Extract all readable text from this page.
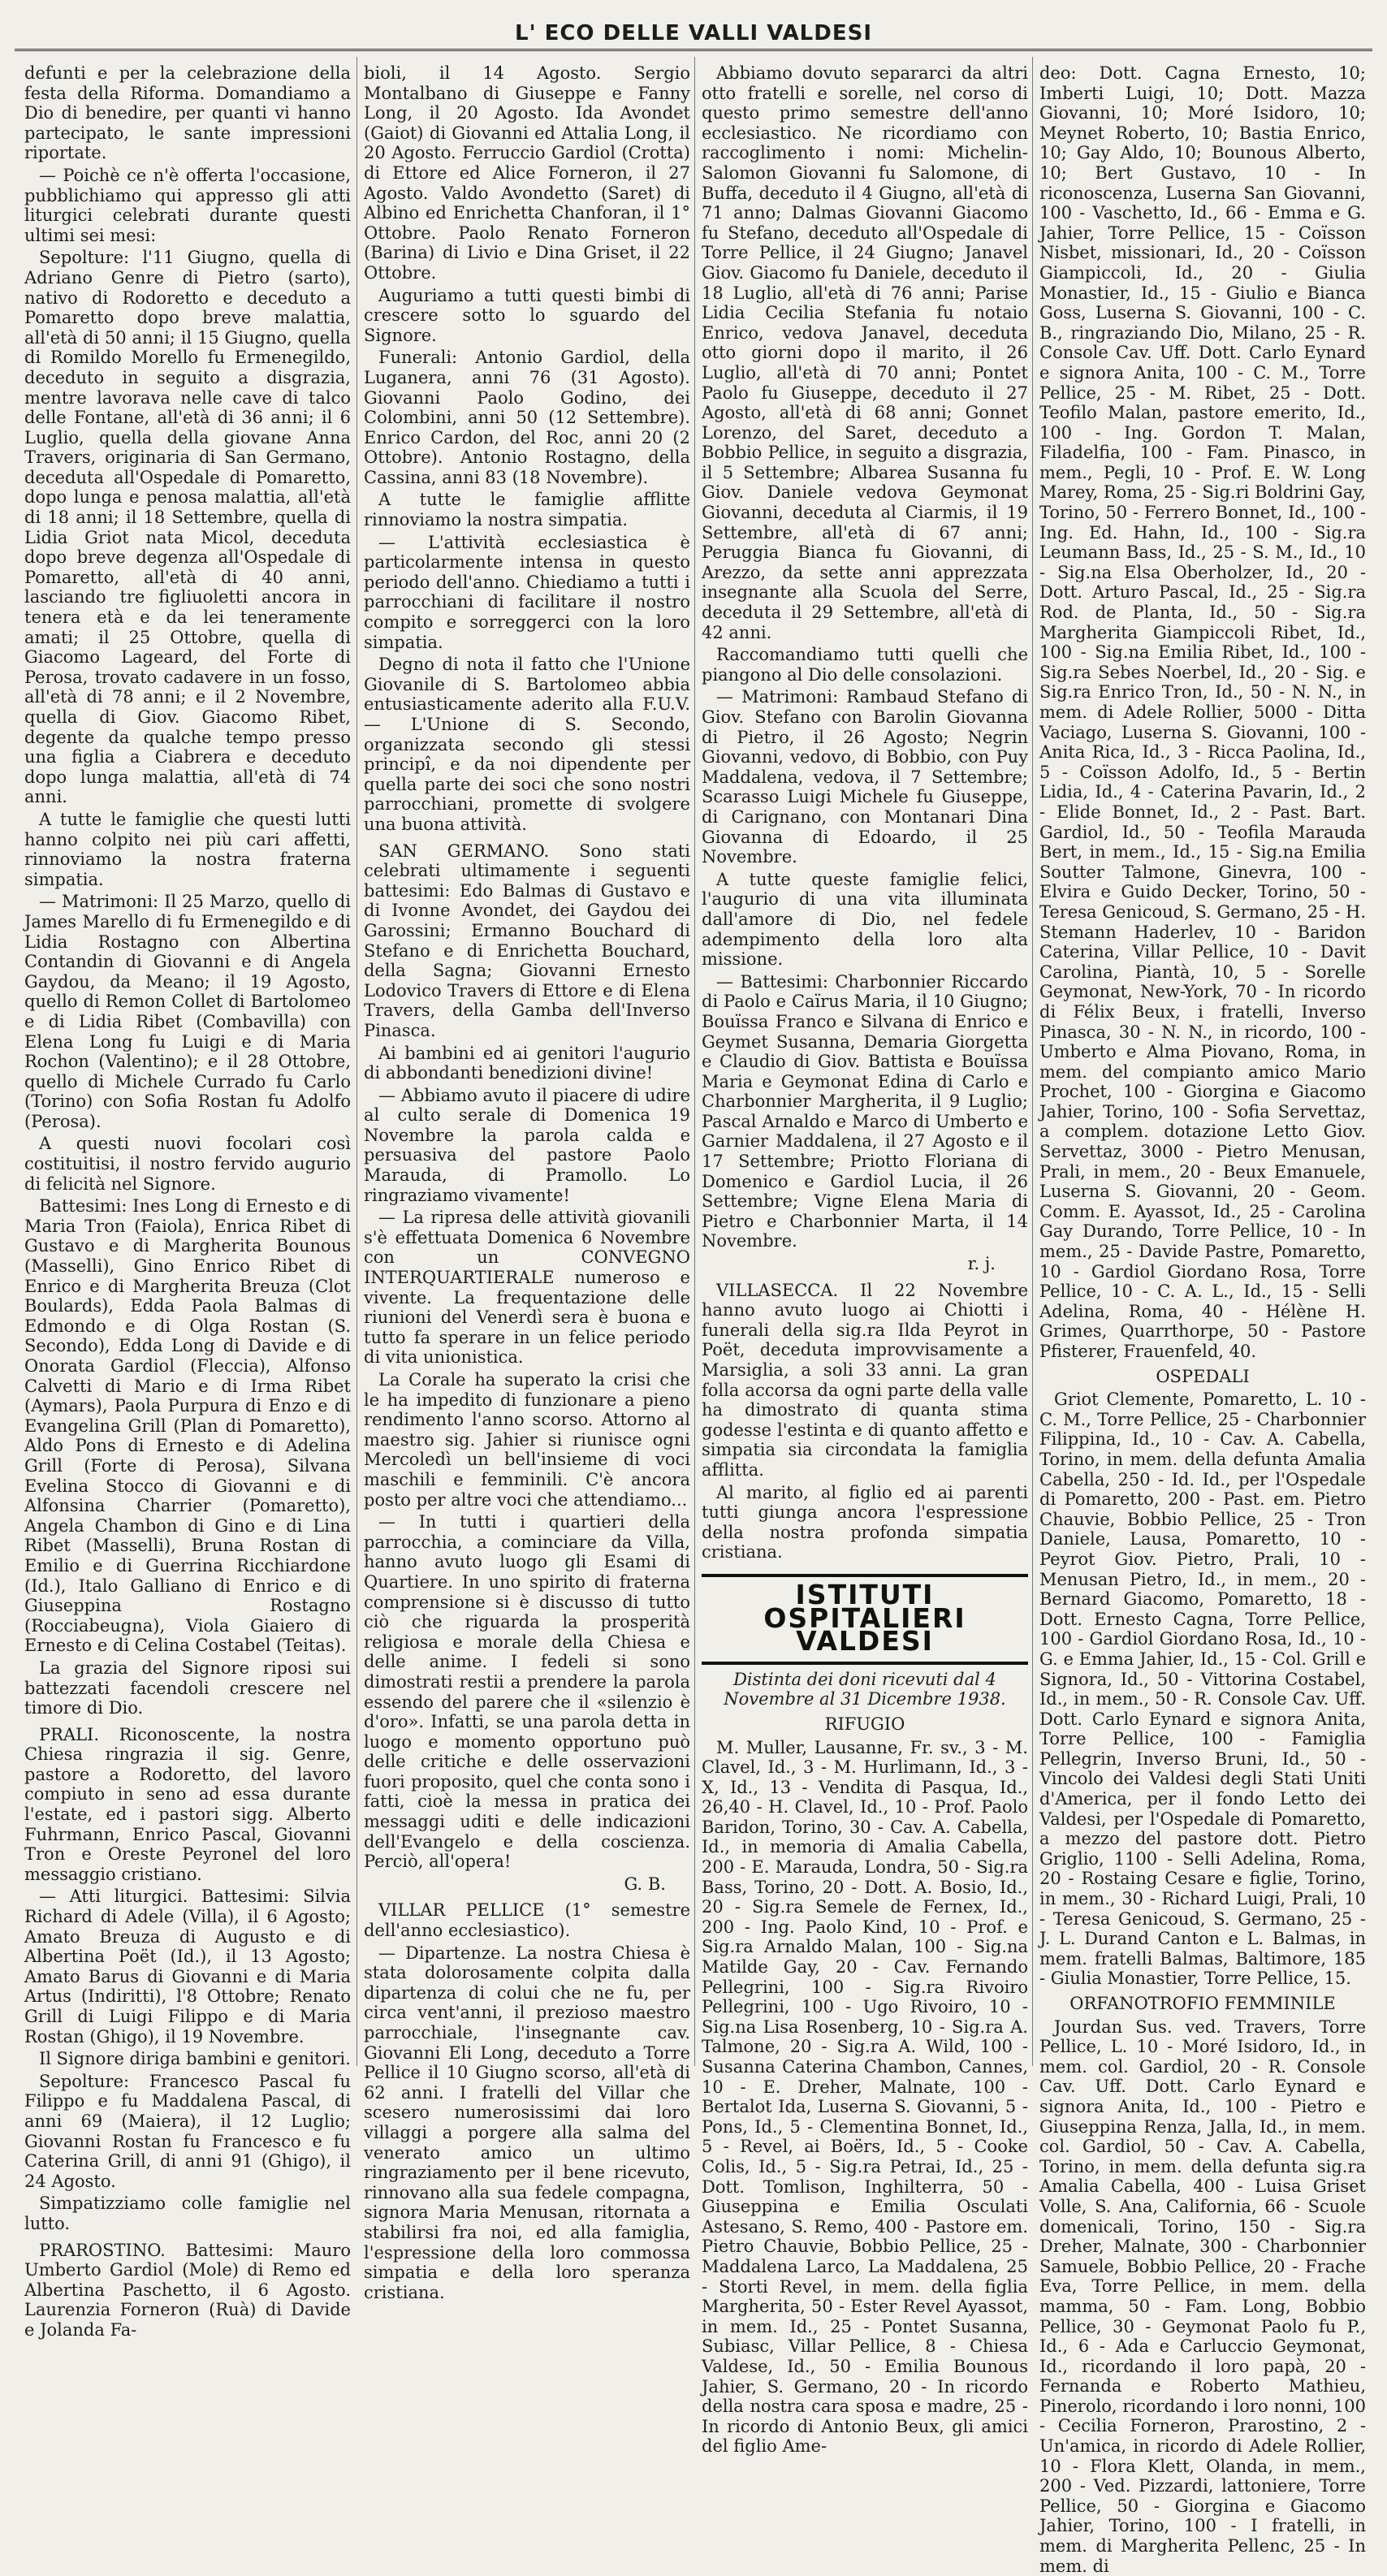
L' ECO DELLE VALLI VALDESI

defunti e per la celebrazione della festa della Riforma. Domandiamo a Dio di benedire, per quanti vi hanno partecipato, le sante impressioni riportate.

— Poichè ce n'è offerta l'occasione, pubblichiamo qui appresso gli atti liturgici celebrati durante questi ultimi sei mesi:

Sepolture: l'11 Giugno, quella di Adriano Genre di Pietro (sarto), nativo di Rodoretto e deceduto a Pomaretto dopo breve malattia, all'età di 50 anni; il 15 Giugno, quella di Romildo Morello fu Ermenegildo, deceduto in seguito a disgrazia, mentre lavorava nelle cave di talco delle Fontane, all'età di 36 anni; il 6 Luglio, quella della giovane Anna Travers, originaria di San Germano, deceduta all'Ospedale di Pomaretto, dopo lunga e penosa malattia, all'età di 18 anni; il 18 Settembre, quella di Lidia Griot nata Micol, deceduta dopo breve degenza all'Ospedale di Pomaretto, all'età di 40 anni, lasciando tre figliuoletti ancora in tenera età e da lei teneramente amati; il 25 Ottobre, quella di Giacomo Lageard, del Forte di Perosa, trovato cadavere in un fosso, all'età di 78 anni; e il 2 Novembre, quella di Giov. Giacomo Ribet, degente da qualche tempo presso una figlia a Ciabrera e deceduto dopo lunga malattia, all'età di 74 anni.

A tutte le famiglie che questi lutti hanno colpito nei più cari affetti, rinnoviamo la nostra fraterna simpatia.

— Matrimoni: Il 25 Marzo, quello di James Marello di fu Ermenegildo e di Lidia Rostagno con Albertina Contandin di Giovanni e di Angela Gaydou, da Meano; il 19 Agosto, quello di Remon Collet di Bartolomeo e di Lidia Ribet (Combavilla) con Elena Long fu Luigi e di Maria Rochon (Valentino); e il 28 Ottobre, quello di Michele Currado fu Carlo (Torino) con Sofia Rostan fu Adolfo (Perosa).

A questi nuovi focolari così costituitisi, il nostro fervido augurio di felicità nel Signore.

Battesimi: Ines Long di Ernesto e di Maria Tron (Faiola), Enrica Ribet di Gustavo e di Margherita Bounous (Masselli), Gino Enrico Ribet di Enrico e di Margherita Breuza (Clot Boulards), Edda Paola Balmas di Edmondo e di Olga Rostan (S. Secondo), Edda Long di Davide e di Onorata Gardiol (Fleccia), Alfonso Calvetti di Mario e di Irma Ribet (Aymars), Paola Purpura di Enzo e di Evangelina Grill (Plan di Pomaretto), Aldo Pons di Ernesto e di Adelina Grill (Forte di Perosa), Silvana Evelina Stocco di Giovanni e di Alfonsina Charrier (Pomaretto), Angela Chambon di Gino e di Lina Ribet (Masselli), Bruna Rostan di Emilio e di Guerrina Ricchiardone (Id.), Italo Galliano di Enrico e di Giuseppina Rostagno (Rocciabeugna), Viola Giaiero di Ernesto e di Celina Costabel (Teitas).

La grazia del Signore riposi sui battezzati facendoli crescere nel timore di Dio.

PRALI. Riconoscente, la nostra Chiesa ringrazia il sig. Genre, pastore a Rodoretto, del lavoro compiuto in seno ad essa durante l'estate, ed i pastori sigg. Alberto Fuhrmann, Enrico Pascal, Giovanni Tron e Oreste Peyronel del loro messaggio cristiano.

— Atti liturgici. Battesimi: Silvia Richard di Adele (Villa), il 6 Agosto; Amato Breuza di Augusto e di Albertina Poët (Id.), il 13 Agosto; Amato Barus di Giovanni e di Maria Artus (Indiritti), l'8 Ottobre; Renato Grill di Luigi Filippo e di Maria Rostan (Ghigo), il 19 Novembre.

Il Signore diriga bambini e genitori.

Sepolture: Francesco Pascal fu Filippo e fu Maddalena Pascal, di anni 69 (Maiera), il 12 Luglio; Giovanni Rostan fu Francesco e fu Caterina Grill, di anni 91 (Ghigo), il 24 Agosto.

Simpatizziamo colle famiglie nel lutto.

PRAROSTINO. Battesimi: Mauro Umberto Gardiol (Mole) di Remo ed Albertina Paschetto, il 6 Agosto. Laurenzia Forneron (Ruà) di Davide e Jolanda Fa-

bioli, il 14 Agosto. Sergio Montalbano di Giuseppe e Fanny Long, il 20 Agosto. Ida Avondet (Gaiot) di Giovanni ed Attalia Long, il 20 Agosto. Ferruccio Gardiol (Crotta) di Ettore ed Alice Forneron, il 27 Agosto. Valdo Avondetto (Saret) di Albino ed Enrichetta Chanforan, il 1° Ottobre. Paolo Renato Forneron (Barina) di Livio e Dina Griset, il 22 Ottobre.

Auguriamo a tutti questi bimbi di crescere sotto lo sguardo del Signore.

Funerali: Antonio Gardiol, della Luganera, anni 76 (31 Agosto). Giovanni Paolo Godino, dei Colombini, anni 50 (12 Settembre). Enrico Cardon, del Roc, anni 20 (2 Ottobre). Antonio Rostagno, della Cassina, anni 83 (18 Novembre).

A tutte le famiglie afflitte rinnoviamo la nostra simpatia.

— L'attività ecclesiastica è particolarmente intensa in questo periodo dell'anno. Chiediamo a tutti i parrocchiani di facilitare il nostro compito e sorreggerci con la loro simpatia.

Degno di nota il fatto che l'Unione Giovanile di S. Bartolomeo abbia entusiasticamente aderito alla F.U.V. — L'Unione di S. Secondo, organizzata secondo gli stessi principî, e da noi dipendente per quella parte dei soci che sono nostri parrocchiani, promette di svolgere una buona attività.

SAN GERMANO. Sono stati celebrati ultimamente i seguenti battesimi: Edo Balmas di Gustavo e di Ivonne Avondet, dei Gaydou dei Garossini; Ermanno Bouchard di Stefano e di Enrichetta Bouchard, della Sagna; Giovanni Ernesto Lodovico Travers di Ettore e di Elena Travers, della Gamba dell'Inverso Pinasca.

Ai bambini ed ai genitori l'augurio di abbondanti benedizioni divine!

— Abbiamo avuto il piacere di udire al culto serale di Domenica 19 Novembre la parola calda e persuasiva del pastore Paolo Marauda, di Pramollo. Lo ringraziamo vivamente!

— La ripresa delle attività giovanili s'è effettuata Domenica 6 Novembre con un CONVEGNO INTERQUARTIERALE numeroso e vivente. La frequentazione delle riunioni del Venerdì sera è buona e tutto fa sperare in un felice periodo di vita unionistica.

La Corale ha superato la crisi che le ha impedito di funzionare a pieno rendimento l'anno scorso. Attorno al maestro sig. Jahier si riunisce ogni Mercoledì un bell'insieme di voci maschili e femminili. C'è ancora posto per altre voci che attendiamo...

— In tutti i quartieri della parrocchia, a cominciare da Villa, hanno avuto luogo gli Esami di Quartiere. In uno spirito di fraterna comprensione si è discusso di tutto ciò che riguarda la prosperità religiosa e morale della Chiesa e delle anime. I fedeli si sono dimostrati restii a prendere la parola essendo del parere che il «silenzio è d'oro». Infatti, se una parola detta in luogo e momento opportuno può delle critiche e delle osservazioni fuori proposito, quel che conta sono i fatti, cioè la messa in pratica dei messaggi uditi e delle indicazioni dell'Evangelo e della coscienza. Perciò, all'opera!

G. B.

VILLAR PELLICE (1° semestre dell'anno ecclesiastico).

— Dipartenze. La nostra Chiesa è stata dolorosamente colpita dalla dipartenza di colui che ne fu, per circa vent'anni, il prezioso maestro parrocchiale, l'insegnante cav. Giovanni Eli Long, deceduto a Torre Pellice il 10 Giugno scorso, all'età di 62 anni. I fratelli del Villar che scesero numerosissimi dai loro villaggi a porgere alla salma del venerato amico un ultimo ringraziamento per il bene ricevuto, rinnovano alla sua fedele compagna, signora Maria Menusan, ritornata a stabilirsi fra noi, ed alla famiglia, l'espressione della loro commossa simpatia e della loro speranza cristiana.

Abbiamo dovuto separarci da altri otto fratelli e sorelle, nel corso di questo primo semestre dell'anno ecclesiastico. Ne ricordiamo con raccoglimento i nomi: Michelin-Salomon Giovanni fu Salomone, di Buffa, deceduto il 4 Giugno, all'età di 71 anno; Dalmas Giovanni Giacomo fu Stefano, deceduto all'Ospedale di Torre Pellice, il 24 Giugno; Janavel Giov. Giacomo fu Daniele, deceduto il 18 Luglio, all'età di 76 anni; Parise Lidia Cecilia Stefania fu notaio Enrico, vedova Janavel, deceduta otto giorni dopo il marito, il 26 Luglio, all'età di 70 anni; Pontet Paolo fu Giuseppe, deceduto il 27 Agosto, all'età di 68 anni; Gonnet Lorenzo, del Saret, deceduto a Bobbio Pellice, in seguito a disgrazia, il 5 Settembre; Albarea Susanna fu Giov. Daniele vedova Geymonat Giovanni, deceduta al Ciarmis, il 19 Settembre, all'età di 67 anni; Peruggia Bianca fu Giovanni, di Arezzo, da sette anni apprezzata insegnante alla Scuola del Serre, deceduta il 29 Settembre, all'età di 42 anni.

Raccomandiamo tutti quelli che piangono al Dio delle consolazioni.

— Matrimoni: Rambaud Stefano di Giov. Stefano con Barolin Giovanna di Pietro, il 26 Agosto; Negrin Giovanni, vedovo, di Bobbio, con Puy Maddalena, vedova, il 7 Settembre; Scarasso Luigi Michele fu Giuseppe, di Carignano, con Montanari Dina Giovanna di Edoardo, il 25 Novembre.

A tutte queste famiglie felici, l'augurio di una vita illuminata dall'amore di Dio, nel fedele adempimento della loro alta missione.

— Battesimi: Charbonnier Riccardo di Paolo e Caïrus Maria, il 10 Giugno; Bouïssa Franco e Silvana di Enrico e Geymet Susanna, Demaria Giorgetta e Claudio di Giov. Battista e Bouïssa Maria e Geymonat Edina di Carlo e Charbonnier Margherita, il 9 Luglio; Pascal Arnaldo e Marco di Umberto e Garnier Maddalena, il 27 Agosto e il 17 Settembre; Priotto Floriana di Domenico e Gardiol Lucia, il 26 Settembre; Vigne Elena Maria di Pietro e Charbonnier Marta, il 14 Novembre.

r. j.

VILLASECCA. Il 22 Novembre hanno avuto luogo ai Chiotti i funerali della sig.ra Ilda Peyrot in Poët, deceduta improvvisamente a Marsiglia, a soli 33 anni. La gran folla accorsa da ogni parte della valle ha dimostrato di quanta stima godesse l'estinta e di quanto affetto e simpatia sia circondata la famiglia afflitta.

Al marito, al figlio ed ai parenti tutti giunga ancora l'espressione della nostra profonda simpatia cristiana.

ISTITUTI OSPITALIERI VALDESI

Distinta dei doni ricevuti dal 4 Novembre al 31 Dicembre 1938.

RIFUGIO

M. Muller, Lausanne, Fr. sv., 3 - M. Clavel, Id., 3 - M. Hurlimann, Id., 3 - X, Id., 13 - Vendita di Pasqua, Id., 26,40 - H. Clavel, Id., 10 - Prof. Paolo Baridon, Torino, 30 - Cav. A. Cabella, Id., in memoria di Amalia Cabella, 200 - E. Marauda, Londra, 50 - Sig.ra Bass, Torino, 20 - Dott. A. Bosio, Id., 20 - Sig.ra Semele de Fernex, Id., 200 - Ing. Paolo Kind, 10 - Prof. e Sig.ra Arnaldo Malan, 100 - Sig.na Matilde Gay, 20 - Cav. Fernando Pellegrini, 100 - Sig.ra Rivoiro Pellegrini, 100 - Ugo Rivoiro, 10 - Sig.na Lisa Rosenberg, 10 - Sig.ra A. Talmone, 20 - Sig.ra A. Wild, 100 - Susanna Caterina Chambon, Cannes, 10 - E. Dreher, Malnate, 100 - Bertalot Ida, Luserna S. Giovanni, 5 - Pons, Id., 5 - Clementina Bonnet, Id., 5 - Revel, ai Boërs, Id., 5 - Cooke Colis, Id., 5 - Sig.ra Petrai, Id., 25 - Dott. Tomlison, Inghilterra, 50 - Giuseppina e Emilia Osculati Astesano, S. Remo, 400 - Pastore em. Pietro Chauvie, Bobbio Pellice, 25 - Maddalena Larco, La Maddalena, 25 - Storti Revel, in mem. della figlia Margherita, 50 - Ester Revel Ayassot, in mem. Id., 25 - Pontet Susanna, Subiasc, Villar Pellice, 8 - Chiesa Valdese, Id., 50 - Emilia Bounous Jahier, S. Germano, 20 - In ricordo della nostra cara sposa e madre, 25 - In ricordo di Antonio Beux, gli amici del figlio Ame-

deo: Dott. Cagna Ernesto, 10; Imberti Luigi, 10; Dott. Mazza Giovanni, 10; Moré Isidoro, 10; Meynet Roberto, 10; Bastia Enrico, 10; Gay Aldo, 10; Bounous Alberto, 10; Bert Gustavo, 10 - In riconoscenza, Luserna San Giovanni, 100 - Vaschetto, Id., 66 - Emma e G. Jahier, Torre Pellice, 15 - Coïsson Nisbet, missionari, Id., 20 - Coïsson Giampiccoli, Id., 20 - Giulia Monastier, Id., 15 - Giulio e Bianca Goss, Luserna S. Giovanni, 100 - C. B., ringraziando Dio, Milano, 25 - R. Console Cav. Uff. Dott. Carlo Eynard e signora Anita, 100 - C. M., Torre Pellice, 25 - M. Ribet, 25 - Dott. Teofilo Malan, pastore emerito, Id., 100 - Ing. Gordon T. Malan, Filadelfia, 100 - Fam. Pinasco, in mem., Pegli, 10 - Prof. E. W. Long Marey, Roma, 25 - Sig.ri Boldrini Gay, Torino, 50 - Ferrero Bonnet, Id., 100 - Ing. Ed. Hahn, Id., 100 - Sig.ra Leumann Bass, Id., 25 - S. M., Id., 10 - Sig.na Elsa Oberholzer, Id., 20 - Dott. Arturo Pascal, Id., 25 - Sig.ra Rod. de Planta, Id., 50 - Sig.ra Margherita Giampiccoli Ribet, Id., 100 - Sig.na Emilia Ribet, Id., 100 - Sig.ra Sebes Noerbel, Id., 20 - Sig. e Sig.ra Enrico Tron, Id., 50 - N. N., in mem. di Adele Rollier, 5000 - Ditta Vaciago, Luserna S. Giovanni, 100 - Anita Rica, Id., 3 - Ricca Paolina, Id., 5 - Coïsson Adolfo, Id., 5 - Bertin Lidia, Id., 4 - Caterina Pavarin, Id., 2 - Elide Bonnet, Id., 2 - Past. Bart. Gardiol, Id., 50 - Teofila Marauda Bert, in mem., Id., 15 - Sig.na Emilia Soutter Talmone, Ginevra, 100 - Elvira e Guido Decker, Torino, 50 - Teresa Genicoud, S. Germano, 25 - H. Stemann Haderlev, 10 - Baridon Caterina, Villar Pellice, 10 - Davit Carolina, Piantà, 10, 5 - Sorelle Geymonat, New-York, 70 - In ricordo di Félix Beux, i fratelli, Inverso Pinasca, 30 - N. N., in ricordo, 100 - Umberto e Alma Piovano, Roma, in mem. del compianto amico Mario Prochet, 100 - Giorgina e Giacomo Jahier, Torino, 100 - Sofia Servettaz, a complem. dotazione Letto Giov. Servettaz, 3000 - Pietro Menusan, Prali, in mem., 20 - Beux Emanuele, Luserna S. Giovanni, 20 - Geom. Comm. E. Ayassot, Id., 25 - Carolina Gay Durando, Torre Pellice, 10 - In mem., 25 - Davide Pastre, Pomaretto, 10 - Gardiol Giordano Rosa, Torre Pellice, 10 - C. A. L., Id., 15 - Selli Adelina, Roma, 40 - Hélène H. Grimes, Quarrthorpe, 50 - Pastore Pfisterer, Frauenfeld, 40.

OSPEDALI

Griot Clemente, Pomaretto, L. 10 - C. M., Torre Pellice, 25 - Charbonnier Filippina, Id., 10 - Cav. A. Cabella, Torino, in mem. della defunta Amalia Cabella, 250 - Id. Id., per l'Ospedale di Pomaretto, 200 - Past. em. Pietro Chauvie, Bobbio Pellice, 25 - Tron Daniele, Lausa, Pomaretto, 10 - Peyrot Giov. Pietro, Prali, 10 - Menusan Pietro, Id., in mem., 20 - Bernard Giacomo, Pomaretto, 18 - Dott. Ernesto Cagna, Torre Pellice, 100 - Gardiol Giordano Rosa, Id., 10 - G. e Emma Jahier, Id., 15 - Col. Grill e Signora, Id., 50 - Vittorina Costabel, Id., in mem., 50 - R. Console Cav. Uff. Dott. Carlo Eynard e signora Anita, Torre Pellice, 100 - Famiglia Pellegrin, Inverso Bruni, Id., 50 - Vincolo dei Valdesi degli Stati Uniti d'America, per il fondo Letto dei Valdesi, per l'Ospedale di Pomaretto, a mezzo del pastore dott. Pietro Griglio, 1100 - Selli Adelina, Roma, 20 - Rostaing Cesare e figlie, Torino, in mem., 30 - Richard Luigi, Prali, 10 - Teresa Genicoud, S. Germano, 25 - J. L. Durand Canton e L. Balmas, in mem. fratelli Balmas, Baltimore, 185 - Giulia Monastier, Torre Pellice, 15.

ORFANOTROFIO FEMMINILE

Jourdan Sus. ved. Travers, Torre Pellice, L. 10 - Moré Isidoro, Id., in mem. col. Gardiol, 20 - R. Console Cav. Uff. Dott. Carlo Eynard e signora Anita, Id., 100 - Pietro e Giuseppina Renza, Jalla, Id., in mem. col. Gardiol, 50 - Cav. A. Cabella, Torino, in mem. della defunta sig.ra Amalia Cabella, 400 - Luisa Griset Volle, S. Ana, California, 66 - Scuole domenicali, Torino, 150 - Sig.ra Dreher, Malnate, 300 - Charbonnier Samuele, Bobbio Pellice, 20 - Frache Eva, Torre Pellice, in mem. della mamma, 50 - Fam. Long, Bobbio Pellice, 30 - Geymonat Paolo fu P., Id., 6 - Ada e Carluccio Geymonat, Id., ricordando il loro papà, 20 - Fernanda e Roberto Mathieu, Pinerolo, ricordando i loro nonni, 100 - Cecilia Forneron, Prarostino, 2 - Un'amica, in ricordo di Adele Rollier, 10 - Flora Klett, Olanda, in mem., 200 - Ved. Pizzardi, lattoniere, Torre Pellice, 50 - Giorgina e Giacomo Jahier, Torino, 100 - I fratelli, in mem. di Margherita Pellenc, 25 - In mem. di
